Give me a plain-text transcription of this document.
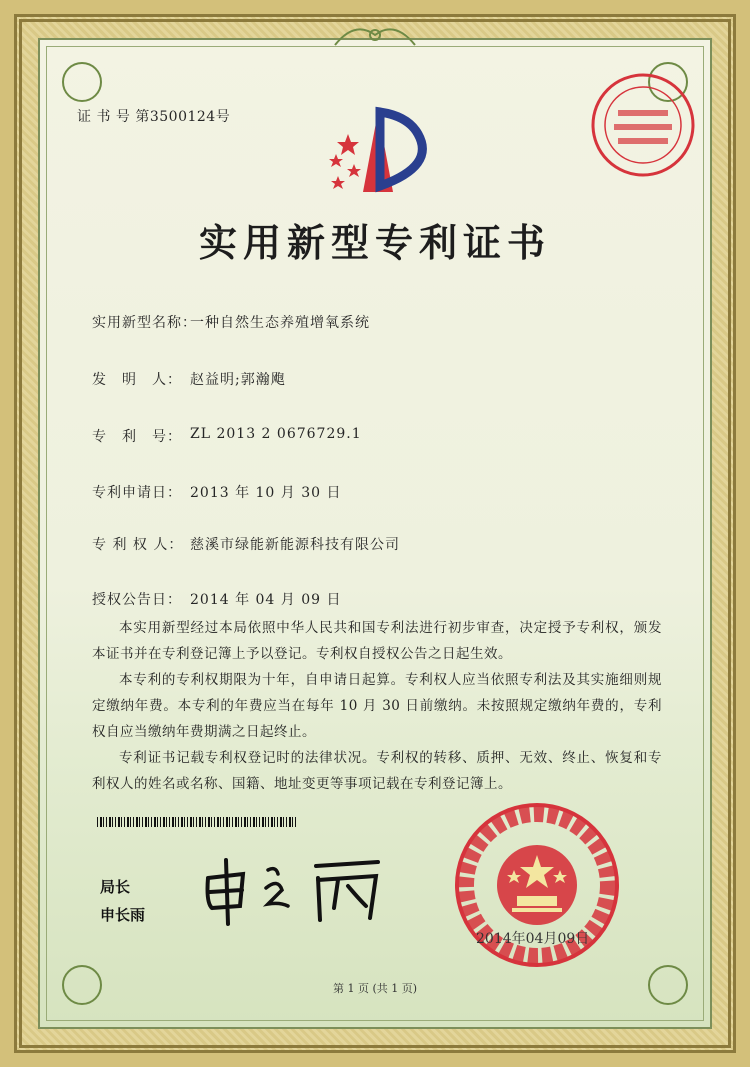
证 书 号 第3500124号
实用新型专利证书
实用新型名称：
一种自然生态养殖增氧系统
发　明　人： 赵益明;郭瀚飑
专　利　号： ZL 2013 2 0676729.1
专利申请日： 2013 年 10 月 30 日
专 利 权 人： 慈溪市绿能新能源科技有限公司
授权公告日： 2014 年 04 月 09 日

本实用新型经过本局依照中华人民共和国专利法进行初步审查，决定授予专利权，颁发本证书并在专利登记簿上予以登记。专利权自授权公告之日起生效。

本专利的专利权期限为十年，自申请日起算。专利权人应当依照专利法及其实施细则规定缴纳年费。本专利的年费应当在每年 10 月 30 日前缴纳。未按照规定缴纳年费的，专利权自应当缴纳年费期满之日起终止。

专利证书记载专利权登记时的法律状况。专利权的转移、质押、无效、终止、恢复和专利权人的姓名或名称、国籍、地址变更等事项记载在专利登记簿上。

局长
申长雨
2014年04月09日
第 1 页 (共 1 页)
